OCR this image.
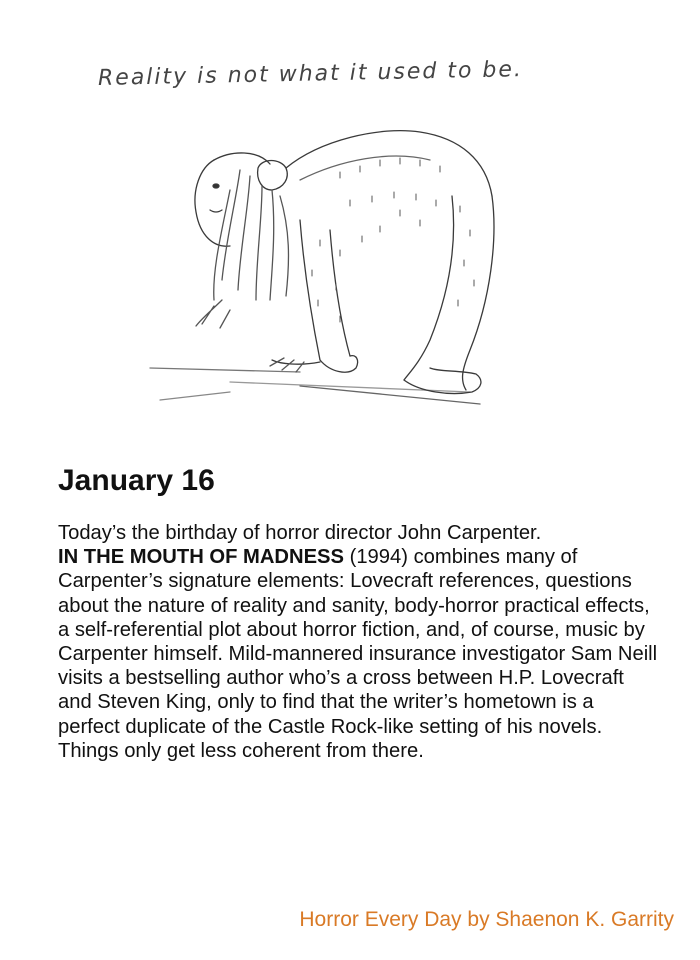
Reality is not what it used to be.
January 16

Today’s the birthday of horror director John Carpenter.
IN THE MOUTH OF MADNESS (1994) combines many of Carpenter’s signature elements: Lovecraft references, questions about the nature of reality and sanity, body-horror practical effects, a self-referential plot about horror fiction, and, of course, music by Carpenter himself. Mild-mannered insurance investigator Sam Neill visits a bestselling author who’s a cross between H.P. Lovecraft and Steven King, only to find that the writer’s hometown is a perfect duplicate of the Castle Rock-like setting of his novels. Things only get less coherent from there.

Horror Every Day by Shaenon K. Garrity
